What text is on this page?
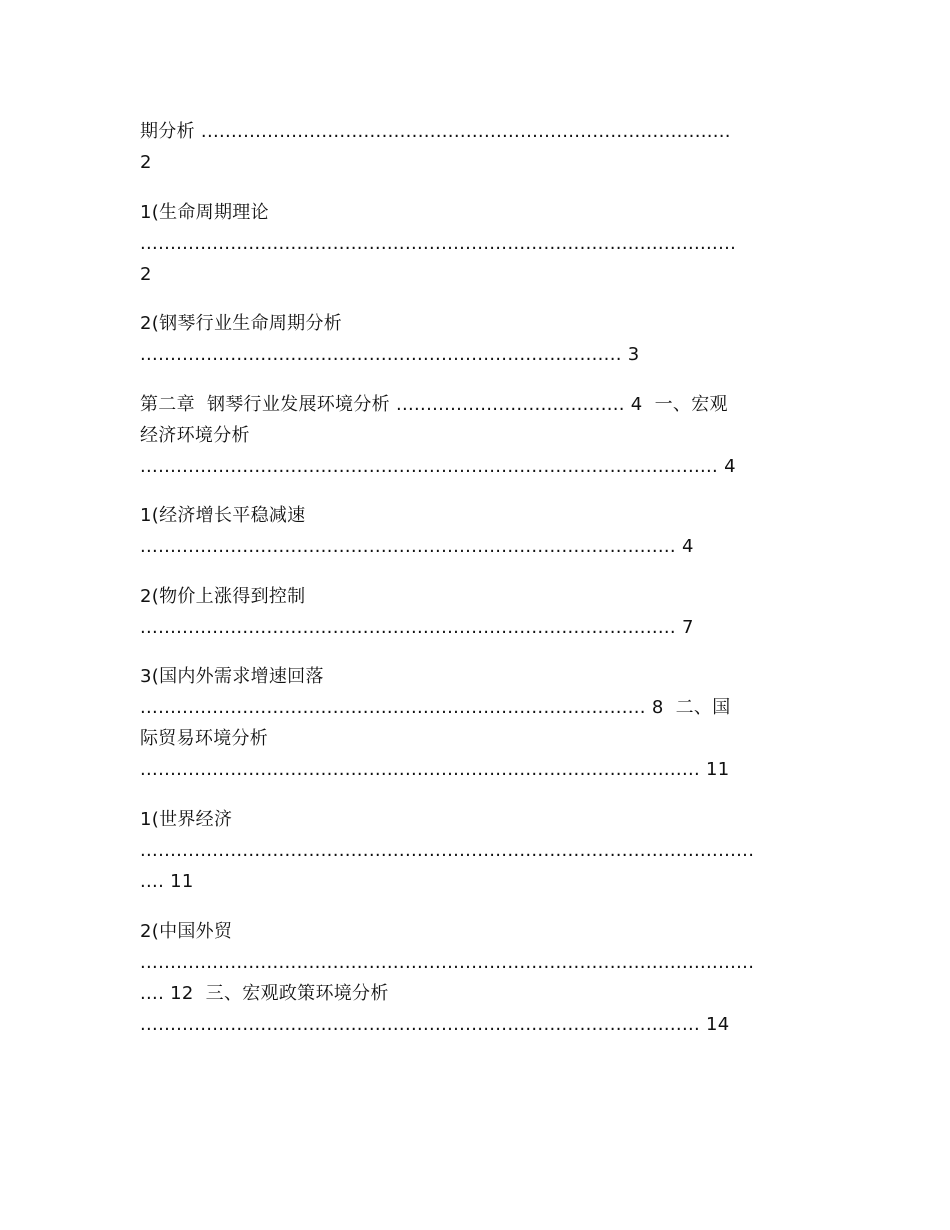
期分析 ........................................................................................

2

1(生命周期理论

...................................................................................................

2

2(钢琴行业生命周期分析

................................................................................ 3

第二章  钢琴行业发展环境分析 ...................................... 4  一、宏观

经济环境分析

................................................................................................ 4

1(经济增长平稳减速

......................................................................................... 4

2(物价上涨得到控制

......................................................................................... 7

3(国内外需求增速回落

.................................................................................... 8  二、国

际贸易环境分析

............................................................................................. 11

1(世界经济

......................................................................................................

.... 11

2(中国外贸

......................................................................................................

.... 12  三、宏观政策环境分析

............................................................................................. 14
